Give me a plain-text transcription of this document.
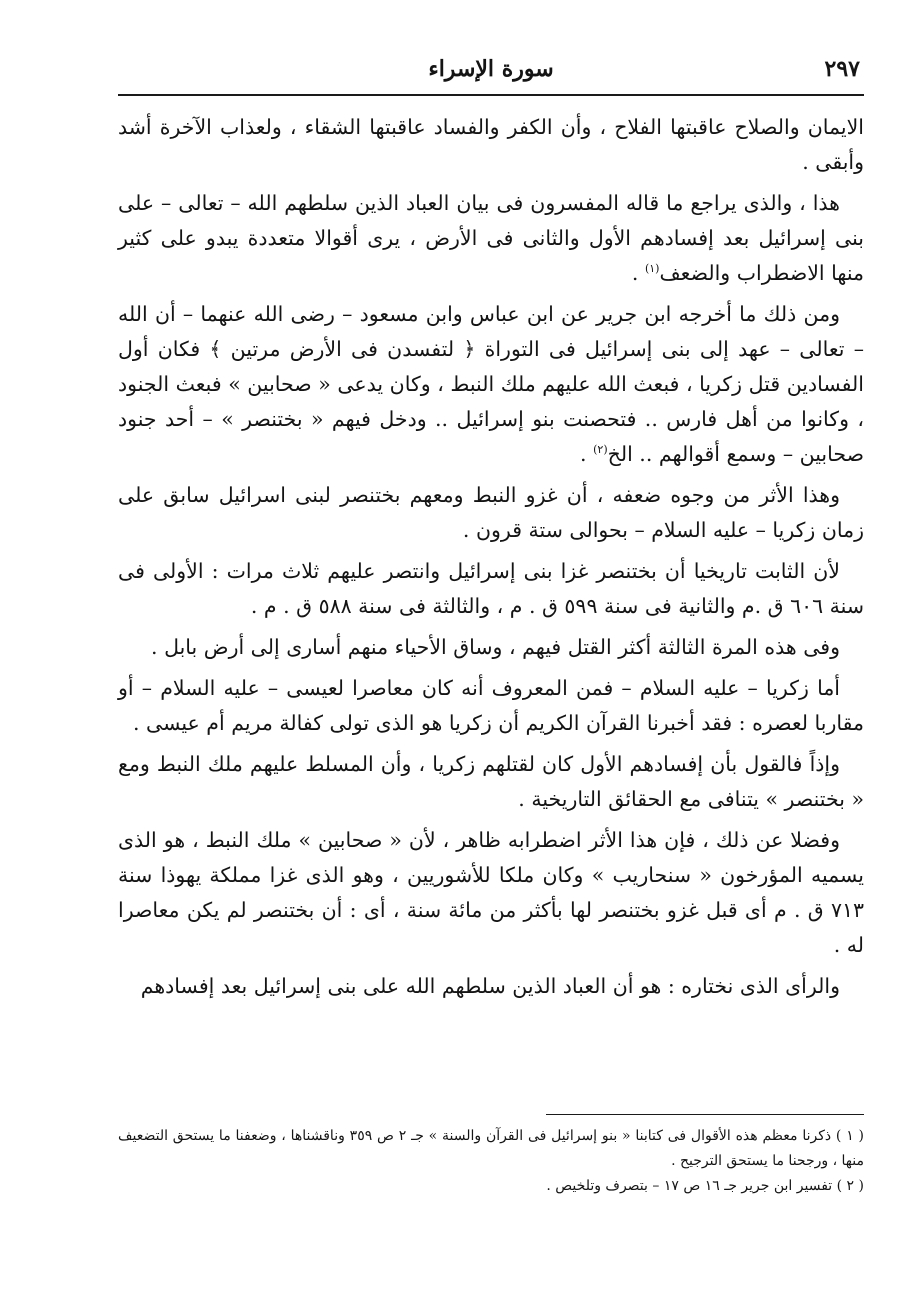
٢٩٧
سورة الإسراء

الايمان والصلاح عاقبتها الفلاح ، وأن الكفر والفساد عاقبتها الشقاء ، ولعذاب الآخرة أشد وأبقى .

هذا ، والذى يراجع ما قاله المفسرون فى بيان العباد الذين سلطهم الله – تعالى – على بنى إسرائيل بعد إفسادهم الأول والثانى فى الأرض ، يرى أقوالا متعددة يبدو على كثير منها الاضطراب والضعف$^{(١)}$ .

ومن ذلك ما أخرجه ابن جرير عن ابن عباس وابن مسعود – رضى الله عنهما – أن الله – تعالى – عهد إلى بنى إسرائيل فى التوراة ﴿ لتفسدن فى الأرض مرتين ﴾ فكان أول الفسادين قتل زكريا ، فبعث الله عليهم ملك النبط ، وكان يدعى « صحابين » فبعث الجنود ، وكانوا من أهل فارس .. فتحصنت بنو إسرائيل .. ودخل فيهم « بختنصر » – أحد جنود صحابين – وسمع أقوالهم .. الخ$^{(٢)}$ .

وهذا الأثر من وجوه ضعفه ، أن غزو النبط ومعهم بختنصر لبنى اسرائيل سابق على زمان زكريا – عليه السلام – بحوالى ستة قرون .

لأن الثابت تاريخيا أن بختنصر غزا بنى إسرائيل وانتصر عليهم ثلاث مرات : الأولى فى سنة ٦٠٦ ق .م والثانية فى سنة ٥٩٩ ق . م ، والثالثة فى سنة ٥٨٨ ق . م .

وفى هذه المرة الثالثة أكثر القتل فيهم ، وساق الأحياء منهم أسارى إلى أرض بابل .

أما زكريا – عليه السلام – فمن المعروف أنه كان معاصرا لعيسى – عليه السلام – أو مقاربا لعصره : فقد أخبرنا القرآن الكريم أن زكريا هو الذى تولى كفالة مريم أم عيسى .

وإذاً فالقول بأن إفسادهم الأول كان لقتلهم زكريا ، وأن المسلط عليهم ملك النبط ومع « بختنصر » يتنافى مع الحقائق التاريخية .

وفضلا عن ذلك ، فإن هذا الأثر اضطرابه ظاهر ، لأن « صحابين » ملك النبط ، هو الذى يسميه المؤرخون « سنحاريب » وكان ملكا للأشوريين ، وهو الذى غزا مملكة يهوذا سنة ٧١٣ ق . م أى قبل غزو بختنصر لها بأكثر من مائة سنة ، أى : أن بختنصر لم يكن معاصرا له .

والرأى الذى نختاره : هو أن العباد الذين سلطهم الله على بنى إسرائيل بعد إفسادهم

( ١ ) ذكرنا معظم هذه الأقوال فى كتابنا « بنو إسرائيل فى القرآن والسنة » جـ ٢ ص ٣٥٩ وناقشناها ، وضعفنا ما يستحق التضعيف منها ، ورجحنا ما يستحق الترجيح .

( ٢ ) تفسير ابن جرير جـ ١٦ ص ١٧ – بتصرف وتلخيص .
